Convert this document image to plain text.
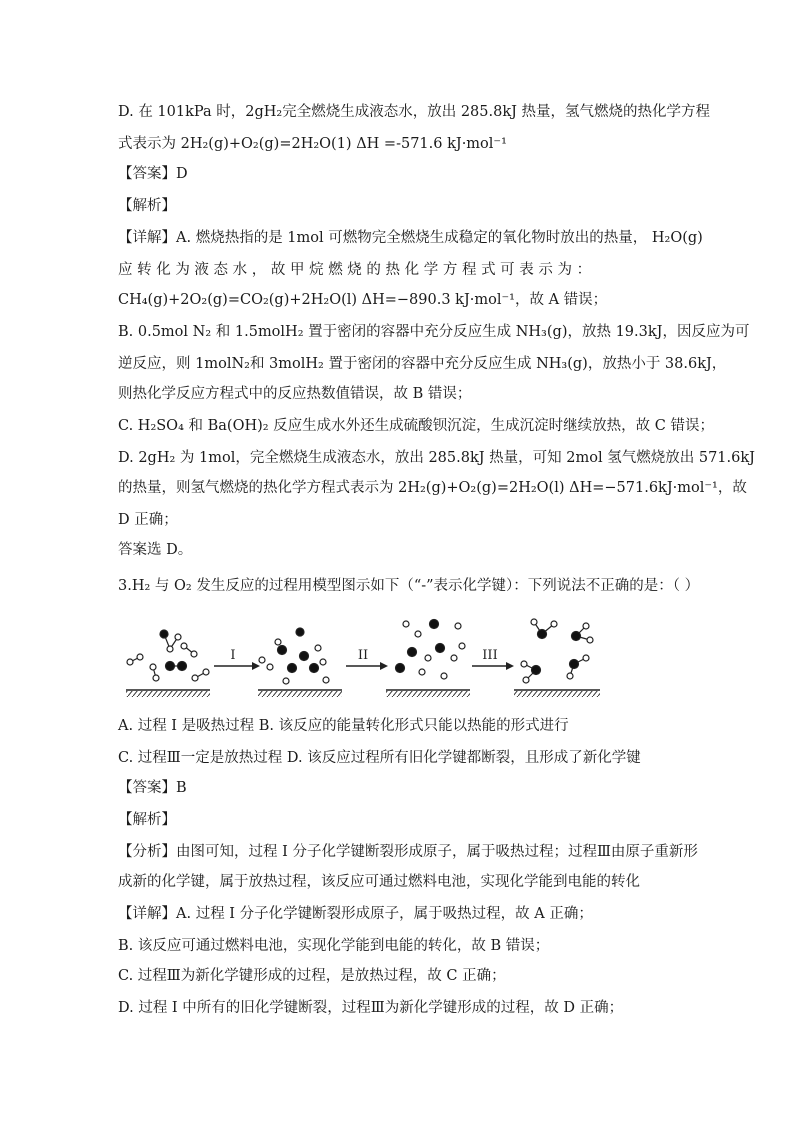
D. 在 101kPa 时，2gH₂完全燃烧生成液态水，放出 285.8kJ 热量，氢气燃烧的热化学方程
式表示为 2H₂(g)+O₂(g)=2H₂O(1) ΔH =-571.6 kJ·mol⁻¹
【答案】D
【解析】
【详解】A. 燃烧热指的是 1mol 可燃物完全燃烧生成稳定的氧化物时放出的热量， H₂O(g)
应 转 化 为 液 态 水 ， 故 甲 烷 燃 烧 的 热 化 学 方 程 式 可 表 示 为 ：
CH₄(g)+2O₂(g)=CO₂(g)+2H₂O(l) ΔH=−890.3 kJ·mol⁻¹，故 A 错误；
B. 0.5mol N₂ 和 1.5molH₂ 置于密闭的容器中充分反应生成 NH₃(g)，放热 19.3kJ，因反应为可
逆反应，则 1molN₂和 3molH₂ 置于密闭的容器中充分反应生成 NH₃(g)，放热小于 38.6kJ，
则热化学反应方程式中的反应热数值错误，故 B 错误；
C. H₂SO₄ 和 Ba(OH)₂ 反应生成水外还生成硫酸钡沉淀，生成沉淀时继续放热，故 C 错误；
D. 2gH₂ 为 1mol，完全燃烧生成液态水，放出 285.8kJ 热量，可知 2mol 氢气燃烧放出 571.6kJ
的热量，则氢气燃烧的热化学方程式表示为 2H₂(g)+O₂(g)=2H₂O(l) ΔH=−571.6kJ·mol⁻¹，故
D 正确；
答案选 D。
3.H₂ 与 O₂ 发生反应的过程用模型图示如下（“-”表示化学键）：下列说法不正确的是：（ ）
I	II	III
A. 过程 I 是吸热过程 B. 该反应的能量转化形式只能以热能的形式进行
C. 过程Ⅲ一定是放热过程 D. 该反应过程所有旧化学键都断裂，且形成了新化学键
【答案】B
【解析】
【分析】由图可知，过程 I 分子化学键断裂形成原子，属于吸热过程；过程Ⅲ由原子重新形
成新的化学键，属于放热过程，该反应可通过燃料电池，实现化学能到电能的转化
【详解】A. 过程 I 分子化学键断裂形成原子，属于吸热过程，故 A 正确；
B. 该反应可通过燃料电池，实现化学能到电能的转化，故 B 错误；
C. 过程Ⅲ为新化学键形成的过程，是放热过程，故 C 正确；
D. 过程 I 中所有的旧化学键断裂，过程Ⅲ为新化学键形成的过程，故 D 正确；
